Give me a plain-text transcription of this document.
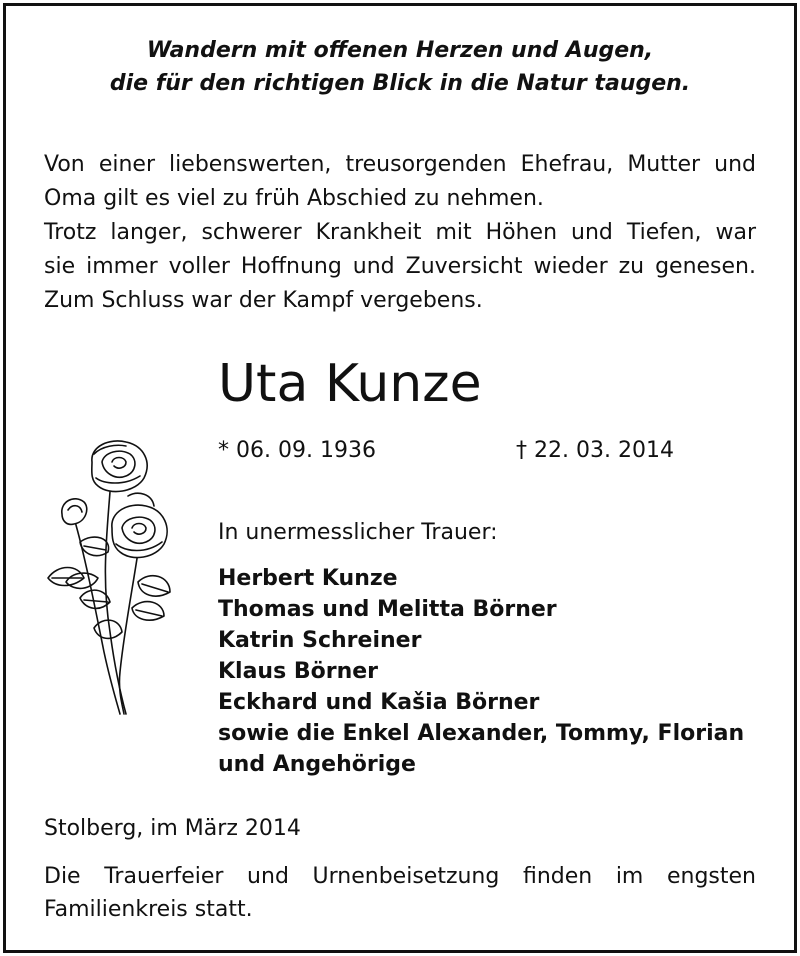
Wandern mit offenen Herzen und Augen,
die für den richtigen Blick in die Natur taugen.
Von einer liebenswerten, treusorgenden Ehefrau, Mutter und
Oma gilt es viel zu früh Abschied zu nehmen.
Trotz langer, schwerer Krankheit mit Höhen und Tiefen, war
sie immer voller Hoffnung und Zuversicht wieder zu genesen.
Zum Schluss war der Kampf vergebens.
Uta Kunze
* 06. 09. 1936	† 22. 03. 2014
In unermesslicher Trauer:
Herbert Kunze
Thomas und Melitta Börner
Katrin Schreiner
Klaus Börner
Eckhard und Kašia Börner
sowie die Enkel Alexander, Tommy, Florian
und Angehörige
Stolberg, im März 2014
Die Trauerfeier und Urnenbeisetzung finden im engsten
Familienkreis statt.
